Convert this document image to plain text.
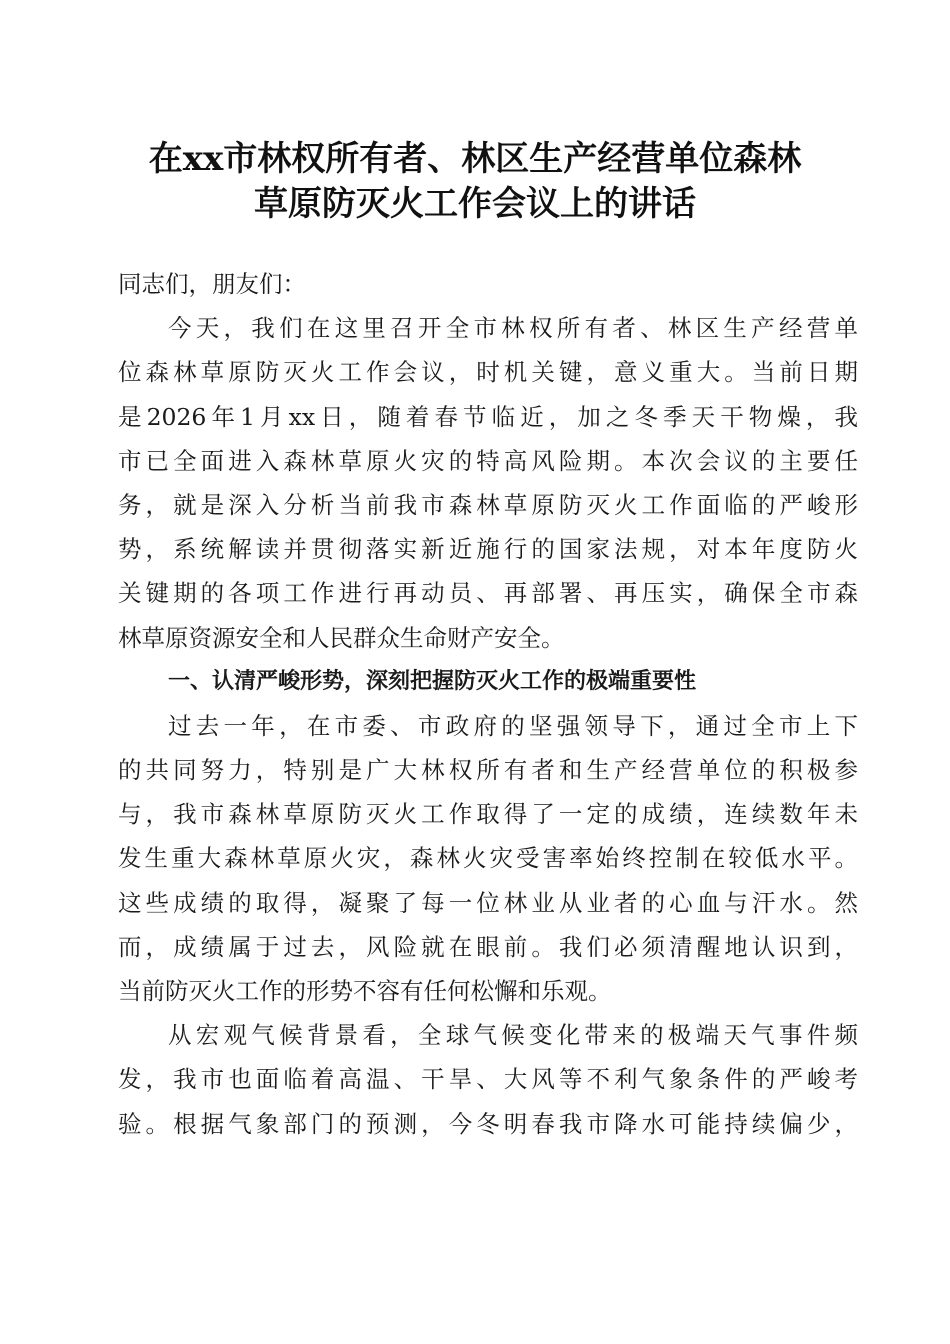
在xx市林权所有者、林区生产经营单位森林
草原防灭火工作会议上的讲话
同志们，朋友们：
今天，我们在这里召开全市林权所有者、林区生产经营单
位森林草原防灭火工作会议，时机关键，意义重大。当前日期
是2026年1月xx日，随着春节临近，加之冬季天干物燥，我
市已全面进入森林草原火灾的特高风险期。本次会议的主要任
务，就是深入分析当前我市森林草原防灭火工作面临的严峻形
势，系统解读并贯彻落实新近施行的国家法规，对本年度防火
关键期的各项工作进行再动员、再部署、再压实，确保全市森
林草原资源安全和人民群众生命财产安全。
一、认清严峻形势，深刻把握防灭火工作的极端重要性
过去一年，在市委、市政府的坚强领导下，通过全市上下
的共同努力，特别是广大林权所有者和生产经营单位的积极参
与，我市森林草原防灭火工作取得了一定的成绩，连续数年未
发生重大森林草原火灾，森林火灾受害率始终控制在较低水平。
这些成绩的取得，凝聚了每一位林业从业者的心血与汗水。然
而，成绩属于过去，风险就在眼前。我们必须清醒地认识到，
当前防灭火工作的形势不容有任何松懈和乐观。
从宏观气候背景看，全球气候变化带来的极端天气事件频
发，我市也面临着高温、干旱、大风等不利气象条件的严峻考
验。根据气象部门的预测，今冬明春我市降水可能持续偏少，
